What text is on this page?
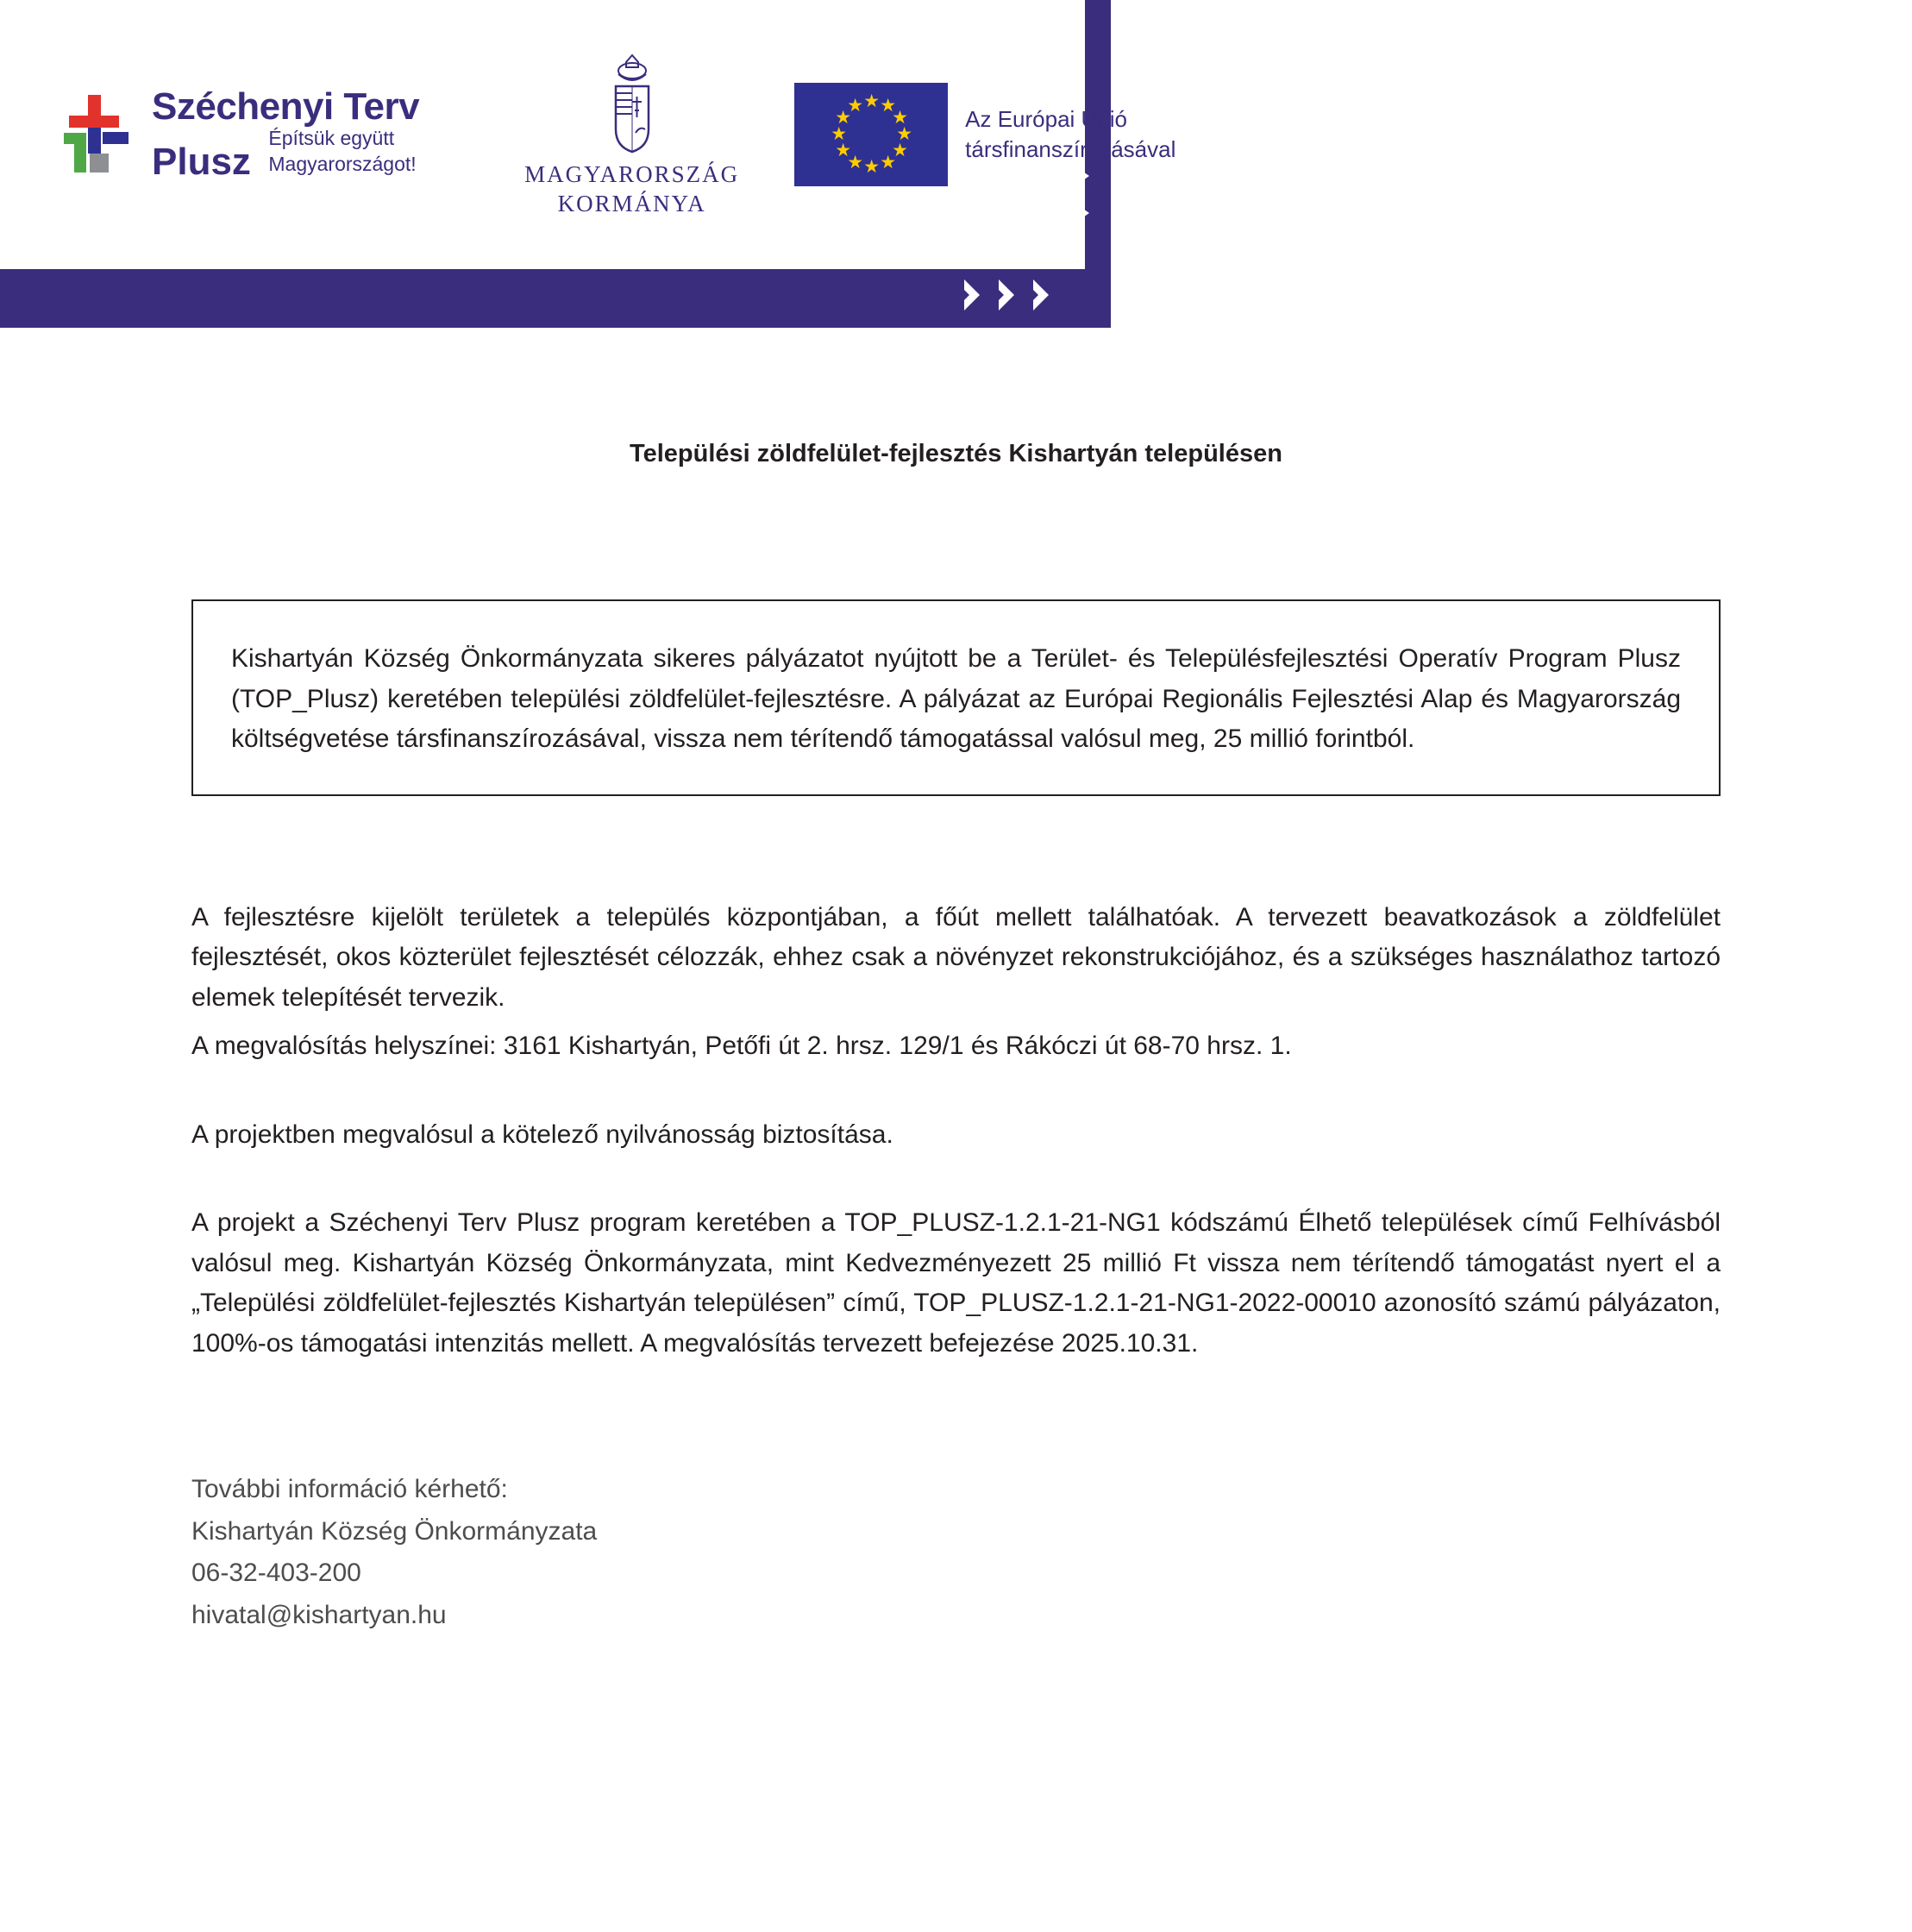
Széchenyi Terv
Plusz Építsük együtt
Magyarországot!	MAGYARORSZÁG
KORMÁNYA
★ ★
★
★
★
★
★
★
★
★
★
★
Az Európai Unió
társfinanszírozásával
Települési zöldfelület-fejlesztés Kishartyán településen

Kishartyán Község Önkormányzata sikeres pályázatot nyújtott be a Terület- és Településfejlesztési Operatív Program Plusz (TOP_Plusz) keretében települési zöldfelület-fejlesztésre. A pályázat az Európai Regionális Fejlesztési Alap és Magyarország költségvetése társfinanszírozásával, vissza nem térítendő támogatással valósul meg, 25 millió forintból.

A fejlesztésre kijelölt területek a település központjában, a főút mellett találhatóak. A tervezett beavatkozások a zöldfelület fejlesztését, okos közterület fejlesztését célozzák, ehhez csak a növényzet rekonstrukciójához, és a szükséges használathoz tartozó elemek telepítését tervezik.

A megvalósítás helyszínei: 3161 Kishartyán, Petőfi út 2. hrsz. 129/1 és Rákóczi út 68-70 hrsz. 1.

A projektben megvalósul a kötelező nyilvánosság biztosítása.

A projekt a Széchenyi Terv Plusz program keretében a TOP_PLUSZ-1.2.1-21-NG1 kódszámú Élhető települések című Felhívásból valósul meg. Kishartyán Község Önkormányzata, mint Kedvezményezett 25 millió Ft vissza nem térítendő támogatást nyert el a „Települési zöldfelület-fejlesztés Kishartyán településen” című, TOP_PLUSZ-1.2.1-21-NG1-2022-00010 azonosító számú pályázaton, 100%-os támogatási intenzitás mellett. A megvalósítás tervezett befejezése 2025.10.31.

További információ kérhető:
Kishartyán Község Önkormányzata
06-32-403-200
hivatal@kishartyan.hu
